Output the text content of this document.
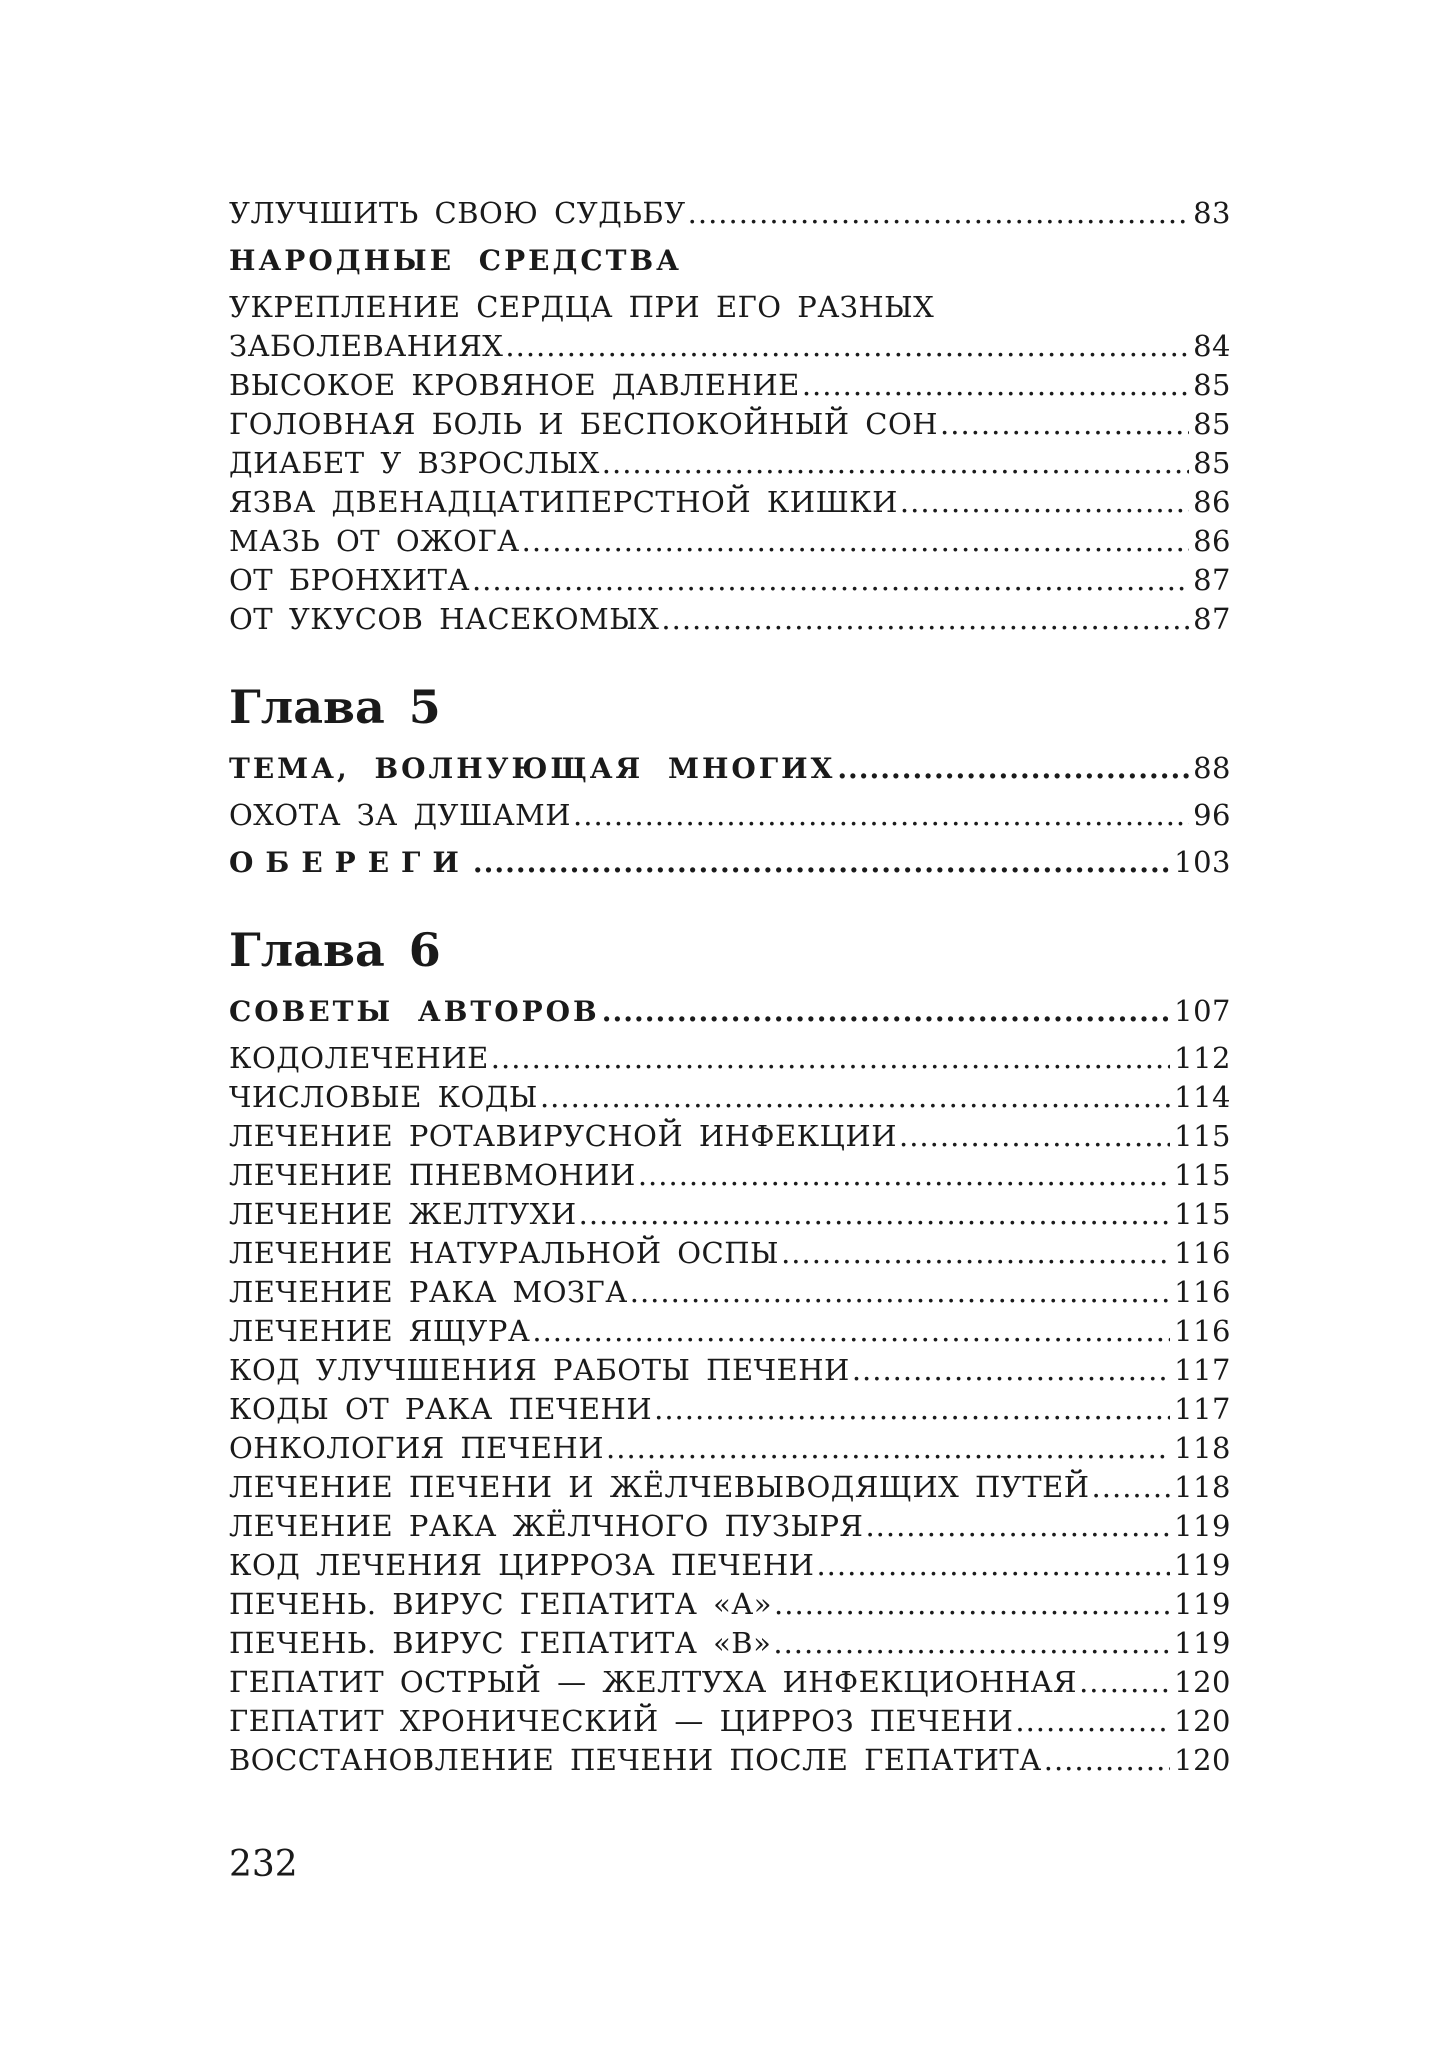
УЛУЧШИТЬ СВОЮ СУДЬБУ .....	83
НАРОДНЫЕ СРЕДСТВА
УКРЕПЛЕНИЕ СЕРДЦА ПРИ ЕГО РАЗНЫХ
ЗАБОЛЕВАНИЯХ .....	84
ВЫСОКОЕ КРОВЯНОЕ ДАВЛЕНИЕ .....	85
ГОЛОВНАЯ БОЛЬ И БЕСПОКОЙНЫЙ СОН .....	85
ДИАБЕТ У ВЗРОСЛЫХ .....	85
ЯЗВА ДВЕНАДЦАТИПЕРСТНОЙ КИШКИ .....	86
МАЗЬ ОТ ОЖОГА .....	86
ОТ БРОНХИТА .....	87
ОТ УКУСОВ НАСЕКОМЫХ .....	87
Глава 5
ТЕМА, ВОЛНУЮЩАЯ МНОГИХ .....	88
ОХОТА ЗА ДУШАМИ .....	96
ОБЕРЕГИ .....	103
Глава 6
СОВЕТЫ АВТОРОВ .....	107
КОДОЛЕЧЕНИЕ .....	112
ЧИСЛОВЫЕ КОДЫ .....	114
ЛЕЧЕНИЕ РОТАВИРУСНОЙ ИНФЕКЦИИ .....	115
ЛЕЧЕНИЕ ПНЕВМОНИИ .....	115
ЛЕЧЕНИЕ ЖЕЛТУХИ .....	115
ЛЕЧЕНИЕ НАТУРАЛЬНОЙ ОСПЫ .....	116
ЛЕЧЕНИЕ РАКА МОЗГА .....	116
ЛЕЧЕНИЕ ЯЩУРА .....	116
КОД УЛУЧШЕНИЯ РАБОТЫ ПЕЧЕНИ .....	117
КОДЫ ОТ РАКА ПЕЧЕНИ .....	117
ОНКОЛОГИЯ ПЕЧЕНИ .....	118
ЛЕЧЕНИЕ ПЕЧЕНИ И ЖЁЛЧЕВЫВОДЯЩИХ ПУТЕЙ .....	118
ЛЕЧЕНИЕ РАКА ЖЁЛЧНОГО ПУЗЫРЯ .....	119
КОД ЛЕЧЕНИЯ ЦИРРОЗА ПЕЧЕНИ .....	119
ПЕЧЕНЬ. ВИРУС ГЕПАТИТА «А» .....	119
ПЕЧЕНЬ. ВИРУС ГЕПАТИТА «В» .....	119
ГЕПАТИТ ОСТРЫЙ — ЖЕЛТУХА ИНФЕКЦИОННАЯ .....	120
ГЕПАТИТ ХРОНИЧЕСКИЙ — ЦИРРОЗ ПЕЧЕНИ .....	120
ВОССТАНОВЛЕНИЕ ПЕЧЕНИ ПОСЛЕ ГЕПАТИТА .....	120
232
